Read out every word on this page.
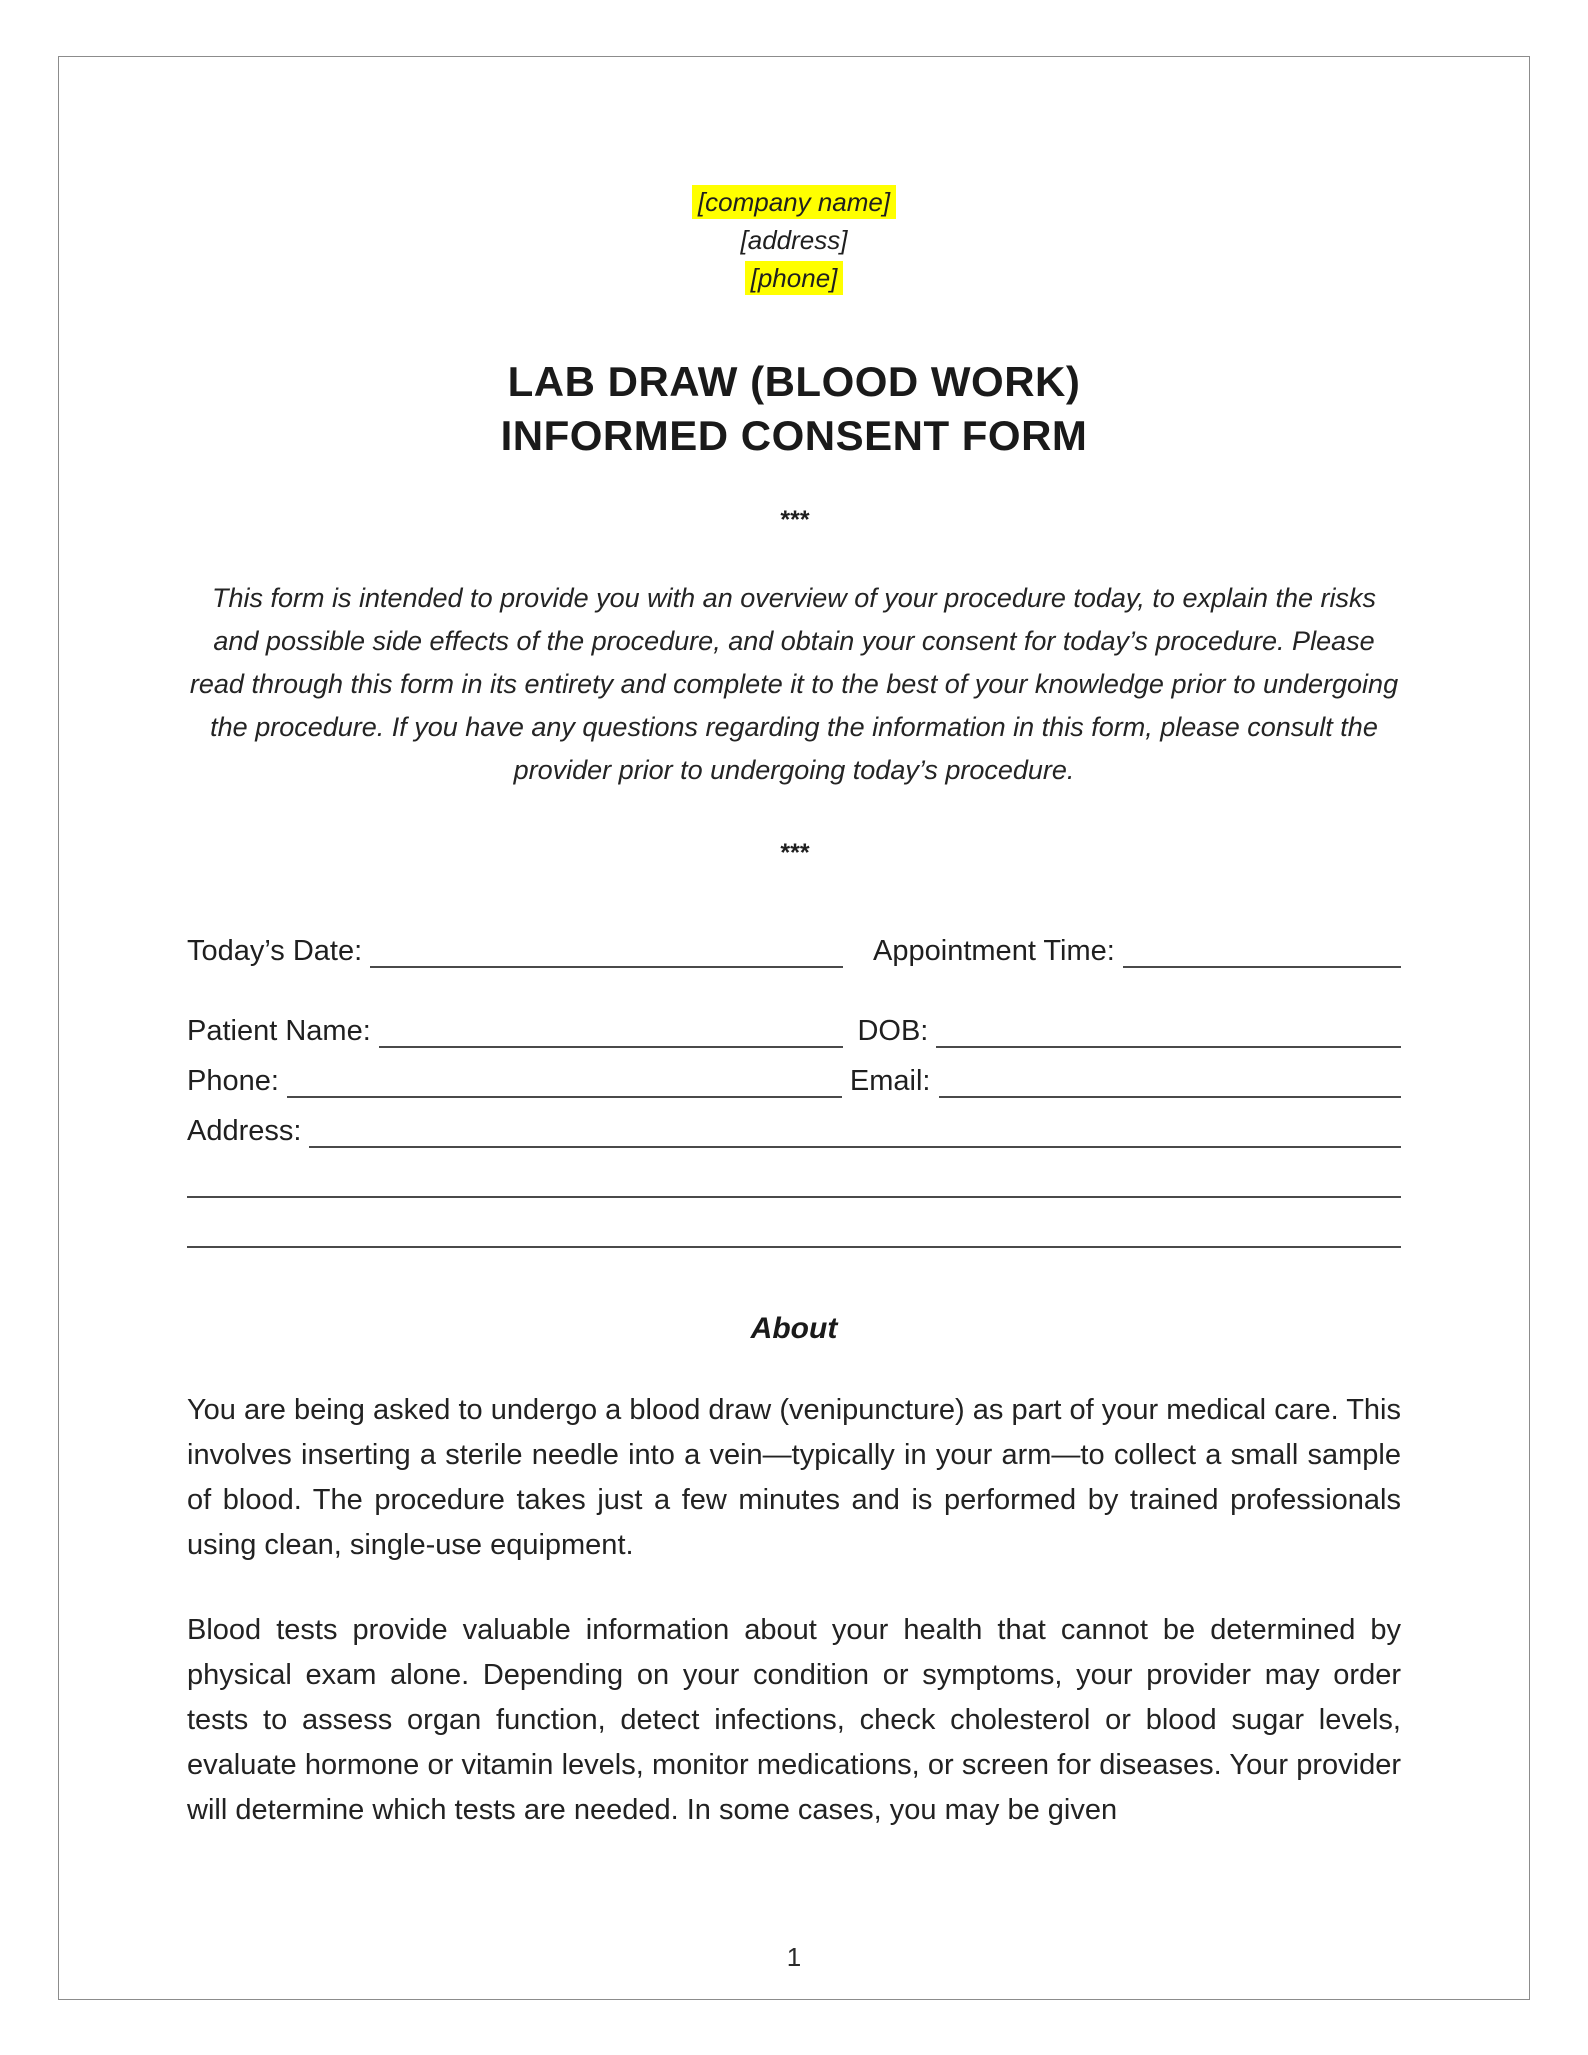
[company name]
[address]
[phone]
LAB DRAW (BLOOD WORK)
INFORMED CONSENT FORM
***

This form is intended to provide you with an overview of your procedure today, to explain the risks and possible side effects of the procedure, and obtain your consent for today’s procedure. Please read through this form in its entirety and complete it to the best of your knowledge prior to undergoing the procedure. If you have any questions regarding the information in this form, please consult the provider prior to undergoing today’s procedure.

***
Today’s Date:	Appointment Time:
Patient Name:	DOB:
Phone:	Email:
Address:
About

You are being asked to undergo a blood draw (venipuncture) as part of your medical care. This involves inserting a sterile needle into a vein—typically in your arm—to collect a small sample of blood. The procedure takes just a few minutes and is performed by trained professionals using clean, single-use equipment.

Blood tests provide valuable information about your health that cannot be determined by physical exam alone. Depending on your condition or symptoms, your provider may order tests to assess organ function, detect infections, check cholesterol or blood sugar levels, evaluate hormone or vitamin levels, monitor medications, or screen for diseases. Your provider will determine which tests are needed. In some cases, you may be given

1
